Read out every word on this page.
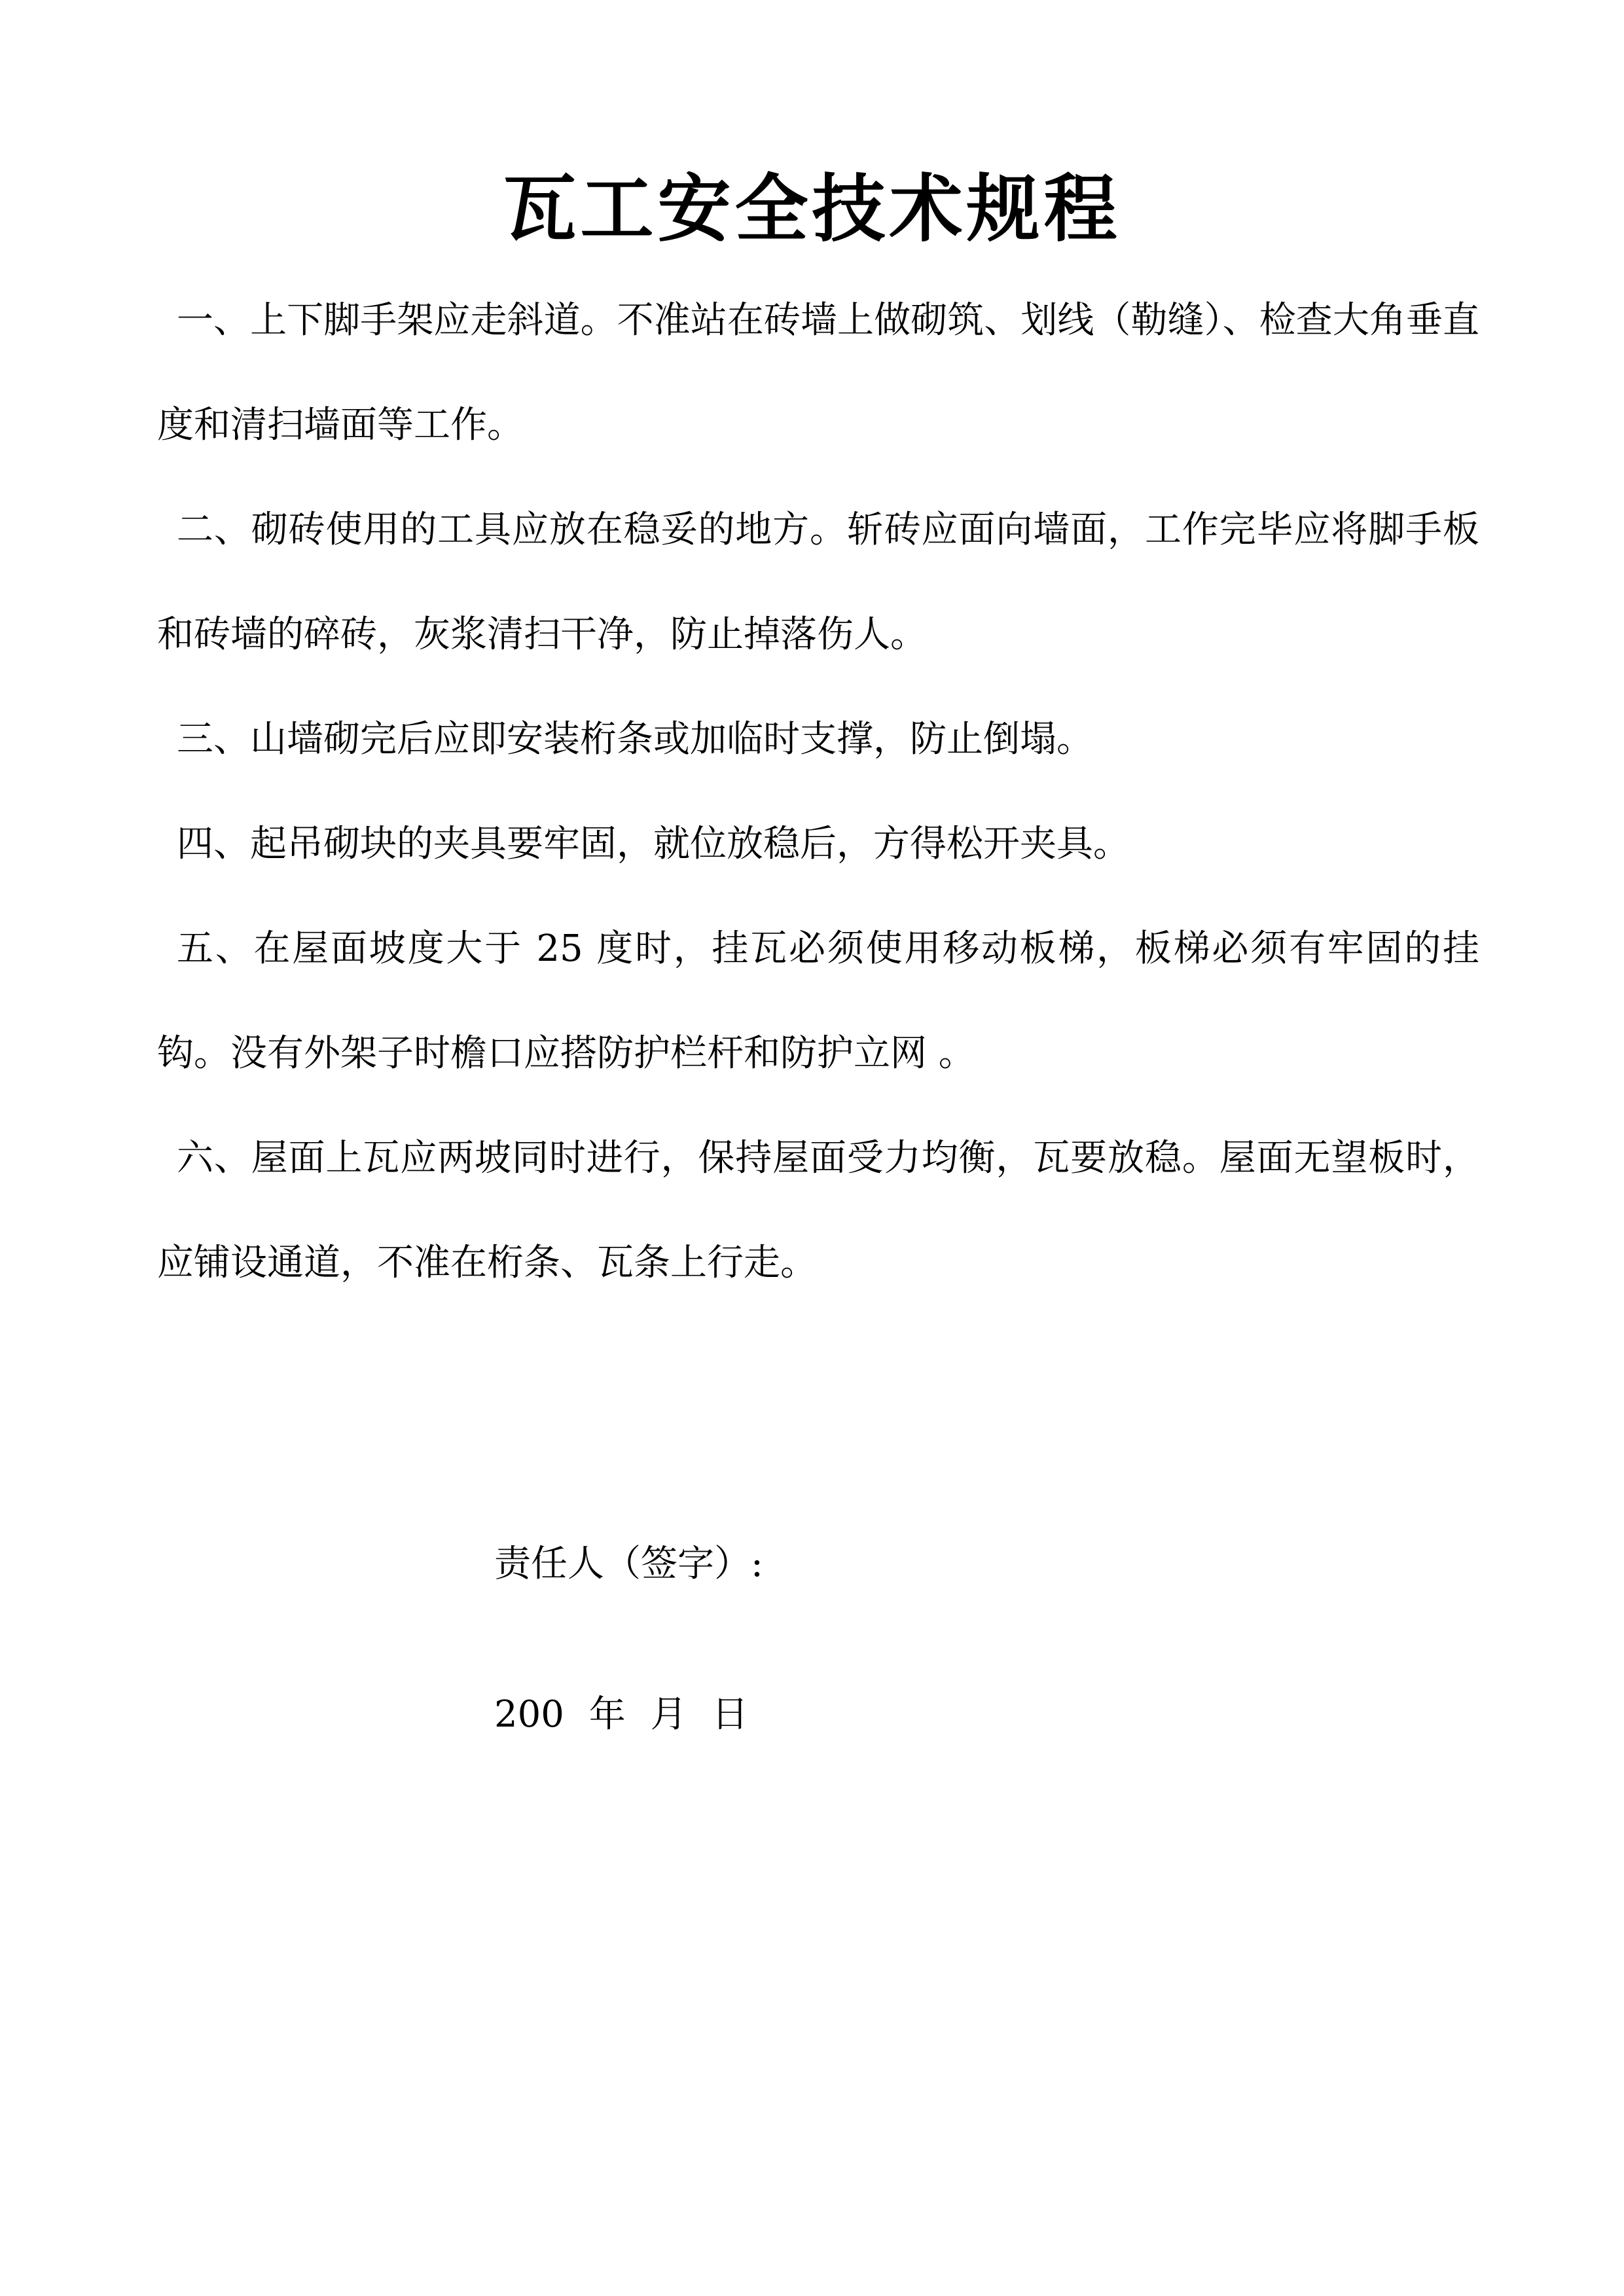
瓦工安全技术规程

一、上下脚手架应走斜道。不准站在砖墙上做砌筑、划线（勒缝）、检查大角垂直度和清扫墙面等工作。

二、砌砖使用的工具应放在稳妥的地方。斩砖应面向墙面，工作完毕应将脚手板和砖墙的碎砖，灰浆清扫干净，防止掉落伤人。

三、山墙砌完后应即安装桁条或加临时支撑，防止倒塌。

四、起吊砌块的夹具要牢固，就位放稳后，方得松开夹具。

五、在屋面坡度大于 25 度时，挂瓦必须使用移动板梯，板梯必须有牢固的挂钩。没有外架子时檐口应搭防护栏杆和防护立网 。

六、屋面上瓦应两坡同时进行，保持屋面受力均衡，瓦要放稳。屋面无望板时，应铺设通道，不准在桁条、瓦条上行走。

责任人（签字）:
200 年 月 日
